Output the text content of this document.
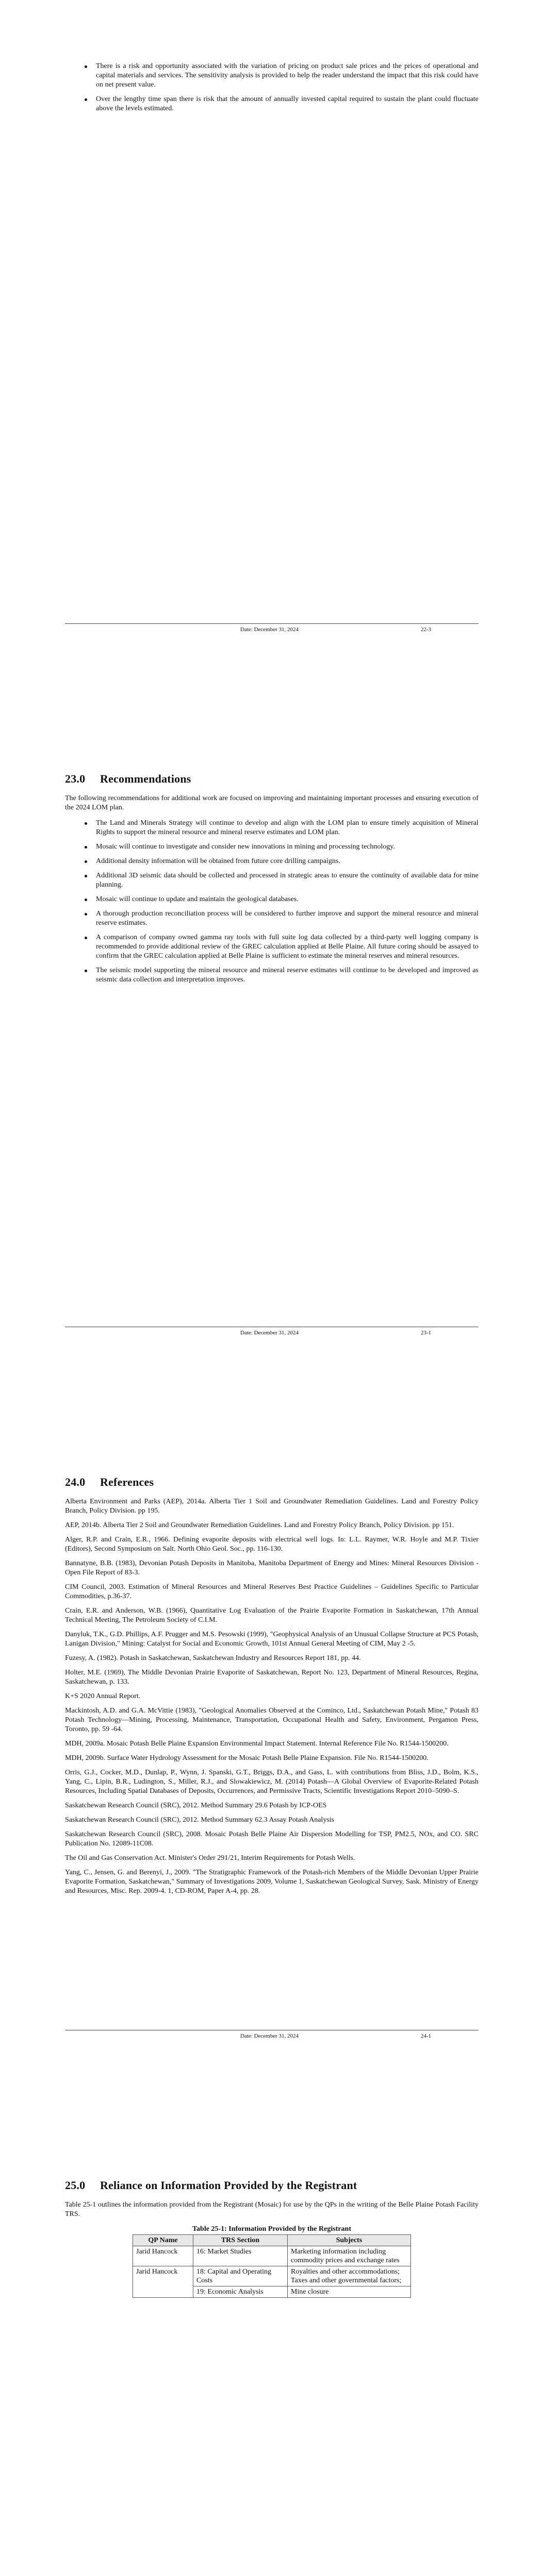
There is a risk and opportunity associated with the variation of pricing on product sale prices and the prices of operational and capital materials and services. The sensitivity analysis is provided to help the reader understand the impact that this risk could have on net present value.
Over the lengthy time span there is risk that the amount of annually invested capital required to sustain the plant could fluctuate above the levels estimated.
Date: December 31, 2024	22-3
23.0 Recommendations

The following recommendations for additional work are focused on improving and maintaining important processes and ensuring execution of the 2024 LOM plan.

The Land and Minerals Strategy will continue to develop and align with the LOM plan to ensure timely acquisition of Mineral Rights to support the mineral resource and mineral reserve estimates and LOM plan.
Mosaic will continue to investigate and consider new innovations in mining and processing technology.
Additional density information will be obtained from future core drilling campaigns.
Additional 3D seismic data should be collected and processed in strategic areas to ensure the continuity of available data for mine planning.
Mosaic will continue to update and maintain the geological databases.
A thorough production reconciliation process will be considered to further improve and support the mineral resource and mineral reserve estimates.
A comparison of company owned gamma ray tools with full suite log data collected by a third-party well logging company is recommended to provide additional review of the GREC calculation applied at Belle Plaine. All future coring should be assayed to confirm that the GREC calculation applied at Belle Plaine is sufficient to estimate the mineral reserves and mineral resources.
The seismic model supporting the mineral resource and mineral reserve estimates will continue to be developed and improved as seismic data collection and interpretation improves.
Date: December 31, 2024	23-1
24.0 References

Alberta Environment and Parks (AEP), 2014a. Alberta Tier 1 Soil and Groundwater Remediation Guidelines. Land and Forestry Policy Branch, Policy Division. pp 195.

AEP, 2014b. Alberta Tier 2 Soil and Groundwater Remediation Guidelines. Land and Forestry Policy Branch, Policy Division. pp 151.

Alger, R.P. and Crain, E.R., 1966. Defining evaporite deposits with electrical well logs. In: L.L. Raymer, W.R. Hoyle and M.P. Tixier (Editors), Second Symposium on Salt. North Ohio Geol. Soc., pp. 116-130.

Bannatyne, B.B. (1983), Devonian Potash Deposits in Manitoba, Manitoba Department of Energy and Mines: Mineral Resources Division - Open File Report of 83-3.

CIM Council, 2003. Estimation of Mineral Resources and Mineral Reserves Best Practice Guidelines – Guidelines Specific to Particular Commodities, p.36-37.

Crain, E.R. and Anderson, W.B. (1966), Quantitative Log Evaluation of the Prairie Evaporite Formation in Saskatchewan, 17th Annual Technical Meeting, The Petroleum Society of C.I.M.

Danyluk, T.K., G.D. Phillips, A.F. Prugger and M.S. Pesowski (1999), "Geophysical Analysis of an Unusual Collapse Structure at PCS Potash, Lanigan Division," Mining: Catalyst for Social and Economic Growth, 101st Annual General Meeting of CIM, May 2 -5.

Fuzesy, A. (1982). Potash in Saskatchewan, Saskatchewan Industry and Resources Report 181, pp. 44.

Holter, M.E. (1969), The Middle Devonian Prairie Evaporite of Saskatchewan, Report No. 123, Department of Mineral Resources, Regina, Saskatchewan, p. 133.

K+S 2020 Annual Report.

Mackintosh, A.D. and G.A. McVittie (1983), "Geological Anomalies Observed at the Cominco, Ltd., Saskatchewan Potash Mine," Potash 83 Potash Technology—Mining, Processing, Maintenance, Transportation, Occupational Health and Safety, Environment, Pergamon Press, Toronto, pp. 59 -64.

MDH, 2009a. Mosaic Potash Belle Plaine Expansion Environmental Impact Statement. Internal Reference File No. R1544-1500200.

MDH, 2009b. Surface Water Hydrology Assessment for the Mosaic Potash Belle Plaine Expansion. File No. R1544-1500200.

Orris, G.J., Cocker, M.D., Dunlap, P., Wynn, J. Spanski, G.T., Briggs, D.A., and Gass, L. with contributions from Bliss, J.D., Bolm, K.S., Yang, C., Lipin, B.R., Ludington, S., Miller, R.J., and Slowakiewicz, M. (2014) Potash—A Global Overview of Evaporite-Related Potash Resources, Including Spatial Databases of Deposits, Occurrences, and Permissive Tracts, Scientific Investigations Report 2010–5090–S.

Saskatchewan Research Council (SRC), 2012. Method Summary 29.6 Potash by ICP-OES

Saskatchewan Research Council (SRC), 2012. Method Summary 62.3 Assay Potash Analysis

Saskatchewan Research Council (SRC), 2008. Mosaic Potash Belle Plaine Air Dispersion Modelling for TSP, PM2.5, NOx, and CO. SRC Publication No. 12089-11C08.

The Oil and Gas Conservation Act. Minister's Order 291/21, Interim Requirements for Potash Wells.

Yang, C., Jensen, G. and Berenyi, J., 2009. "The Stratigraphic Framework of the Potash-rich Members of the Middle Devonian Upper Prairie Evaporite Formation, Saskatchewan," Summary of Investigations 2009, Volume 1, Saskatchewan Geological Survey, Sask. Ministry of Energy and Resources, Misc. Rep. 2009-4. 1, CD-ROM, Paper A-4, pp. 28.

Date: December 31, 2024	24-1
25.0 Reliance on Information Provided by the Registrant

Table 25-1 outlines the information provided from the Registrant (Mosaic) for use by the QPs in the writing of the Belle Plaine Potash Facility TRS.

Table 25-1: Information Provided by the Registrant
QP Name	TRS Section	Subjects
Jarid Hancock	16: Market Studies	Marketing information including commodity prices and exchange rates
Jarid Hancock	18: Capital and Operating Costs	Royalties and other accommodations; Taxes and other governmental factors;
	19: Economic Analysis	Mine closure
